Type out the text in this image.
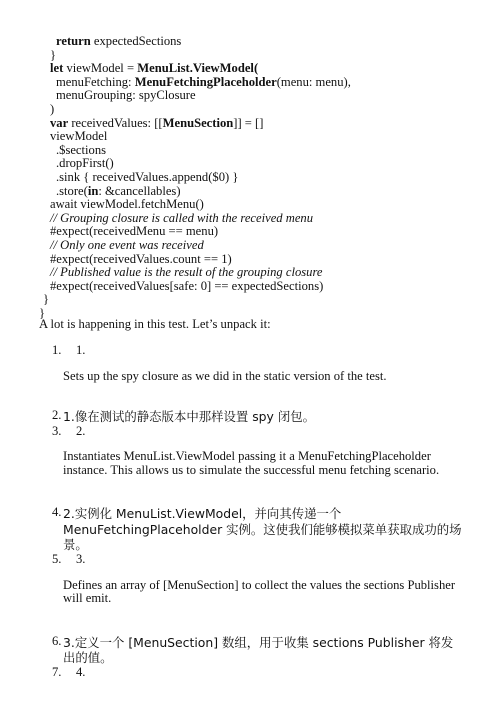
return expectedSections
}
let viewModel = MenuList.ViewModel(
menuFetching: MenuFetchingPlaceholder(menu: menu),
menuGrouping: spyClosure
)
var receivedValues: [[MenuSection]] = []
viewModel
.$sections
.dropFirst()
.sink { receivedValues.append($0) }
.store(in: &cancellables)
await viewModel.fetchMenu()
// Grouping closure is called with the received menu
#expect(receivedMenu == menu)
// Only one event was received
#expect(receivedValues.count == 1)
// Published value is the result of the grouping closure
#expect(receivedValues[safe: 0] == expectedSections)
}
}
A lot is happening in this test. Let’s unpack it:
1.	1.
Sets up the spy closure as we did in the static version of the test.
2. 1.像在测试的静态版本中那样设置 spy 闭包。
3.	2.
Instantiates MenuList.ViewModel passing it a MenuFetchingPlaceholder instance. This allows us to simulate the successful menu fetching scenario.
4. 2.实例化 MenuList.ViewModel，并向其传递一个 MenuFetchingPlaceholder 实例。这使我们能够模拟菜单获取成功的场景。
5.	3.
Defines an array of [MenuSection] to collect the values the sections Publisher will emit.
6. 3.定义一个 [MenuSection] 数组，用于收集 sections Publisher 将发出的值。
7.	4.
